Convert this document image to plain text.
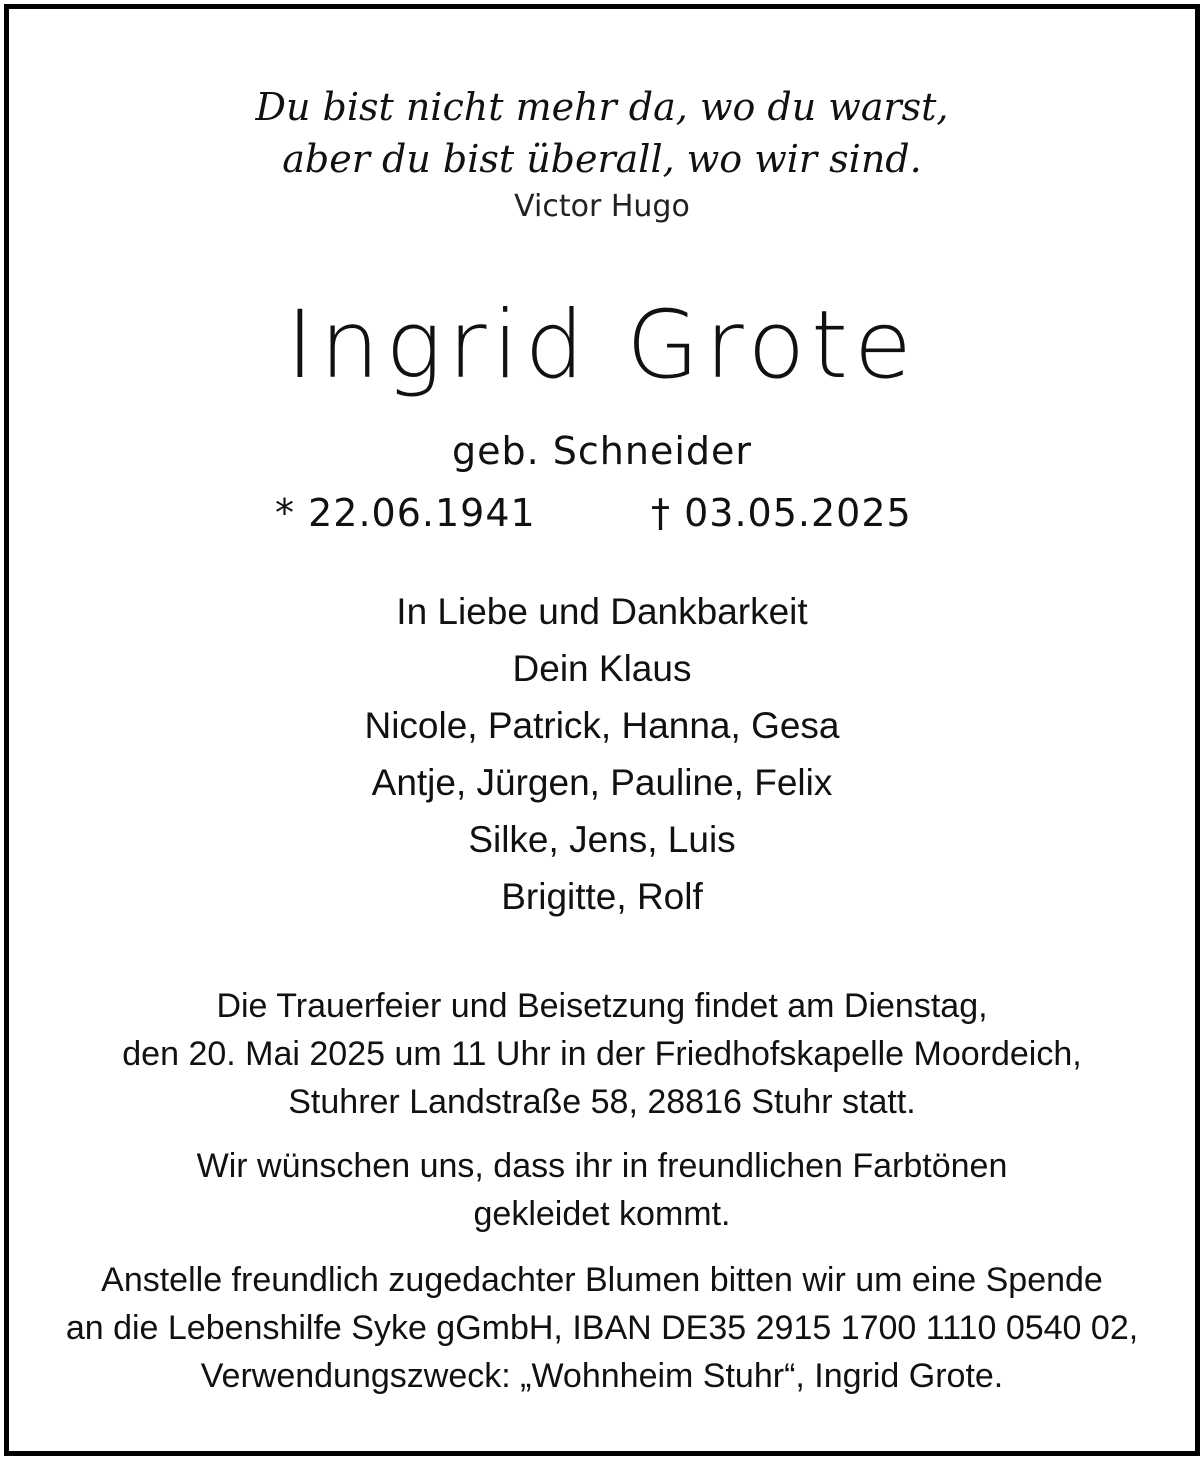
Du bist nicht mehr da, wo du warst,
aber du bist überall, wo wir sind.
Victor Hugo
Ingrid Grote
geb. Schneider
* 22.06.1941	† 03.05.2025
In Liebe und Dankbarkeit
Dein Klaus
Nicole, Patrick, Hanna, Gesa
Antje, Jürgen, Pauline, Felix
Silke, Jens, Luis
Brigitte, Rolf
Die Trauerfeier und Beisetzung findet am Dienstag,
den 20. Mai 2025 um 11 Uhr in der Friedhofskapelle Moordeich,
Stuhrer Landstraße 58, 28816 Stuhr statt.
Wir wünschen uns, dass ihr in freundlichen Farbtönen
gekleidet kommt.
Anstelle freundlich zugedachter Blumen bitten wir um eine Spende
an die Lebenshilfe Syke gGmbH, IBAN DE35 2915 1700 1110 0540 02,
Verwendungszweck: „Wohnheim Stuhr“, Ingrid Grote.
